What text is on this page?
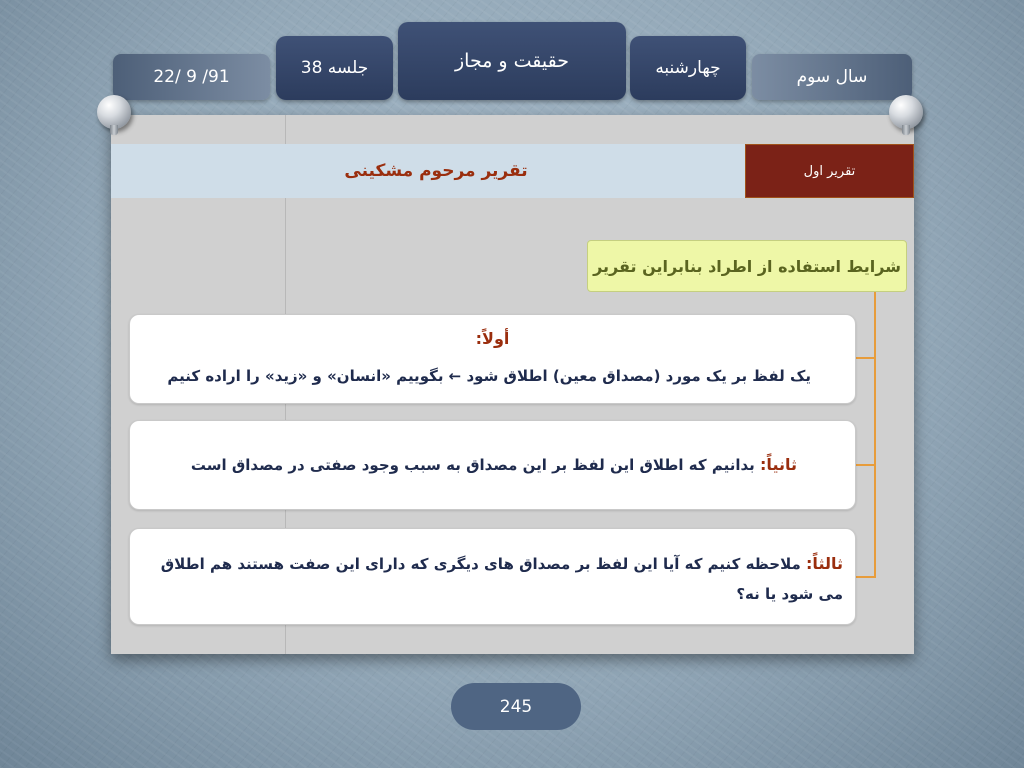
22/ 9 /91	جلسه 38	حقیقت و مجاز	چهارشنبه	سال سوم
تقریر اول
تقریر مرحوم مشکینی
شرایط استفاده از اطراد بنابراین تقریر
أولاً:
یک لفظ بر یک مورد (مصداق معین) اطلاق شود ← بگوییم «انسان» و «زید» را اراده کنیم
ثانیاً: بدانیم که اطلاق این لفظ بر این مصداق به سبب وجود صفتی در مصداق است
ثالثاً: ملاحظه کنیم که آیا این لفظ بر مصداق های دیگری که دارای این صفت هستند هم اطلاق می شود یا نه؟
245
